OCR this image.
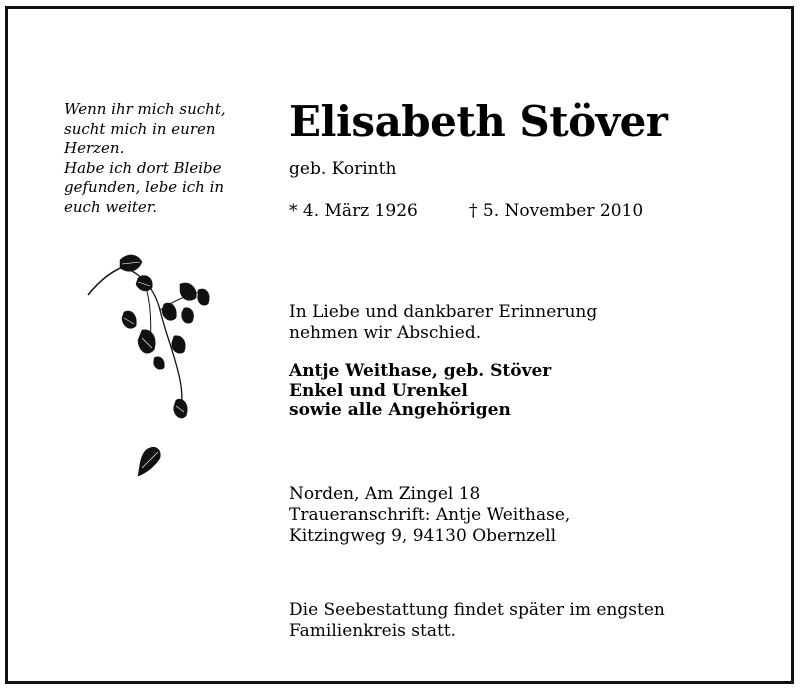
Wenn ihr mich sucht,
sucht mich in euren
Herzen.
Habe ich dort Bleibe
gefunden, lebe ich in
euch weiter.
Elisabeth Stöver
geb. Korinth
* 4. März 1926	† 5. November 2010
In Liebe und dankbarer Erinnerung
nehmen wir Abschied.
Antje Weithase, geb. Stöver
Enkel und Urenkel
sowie alle Angehörigen
Norden, Am Zingel 18
Traueranschrift: Antje Weithase,
Kitzingweg 9, 94130 Obernzell
Die Seebestattung findet später im engsten
Familienkreis statt.
